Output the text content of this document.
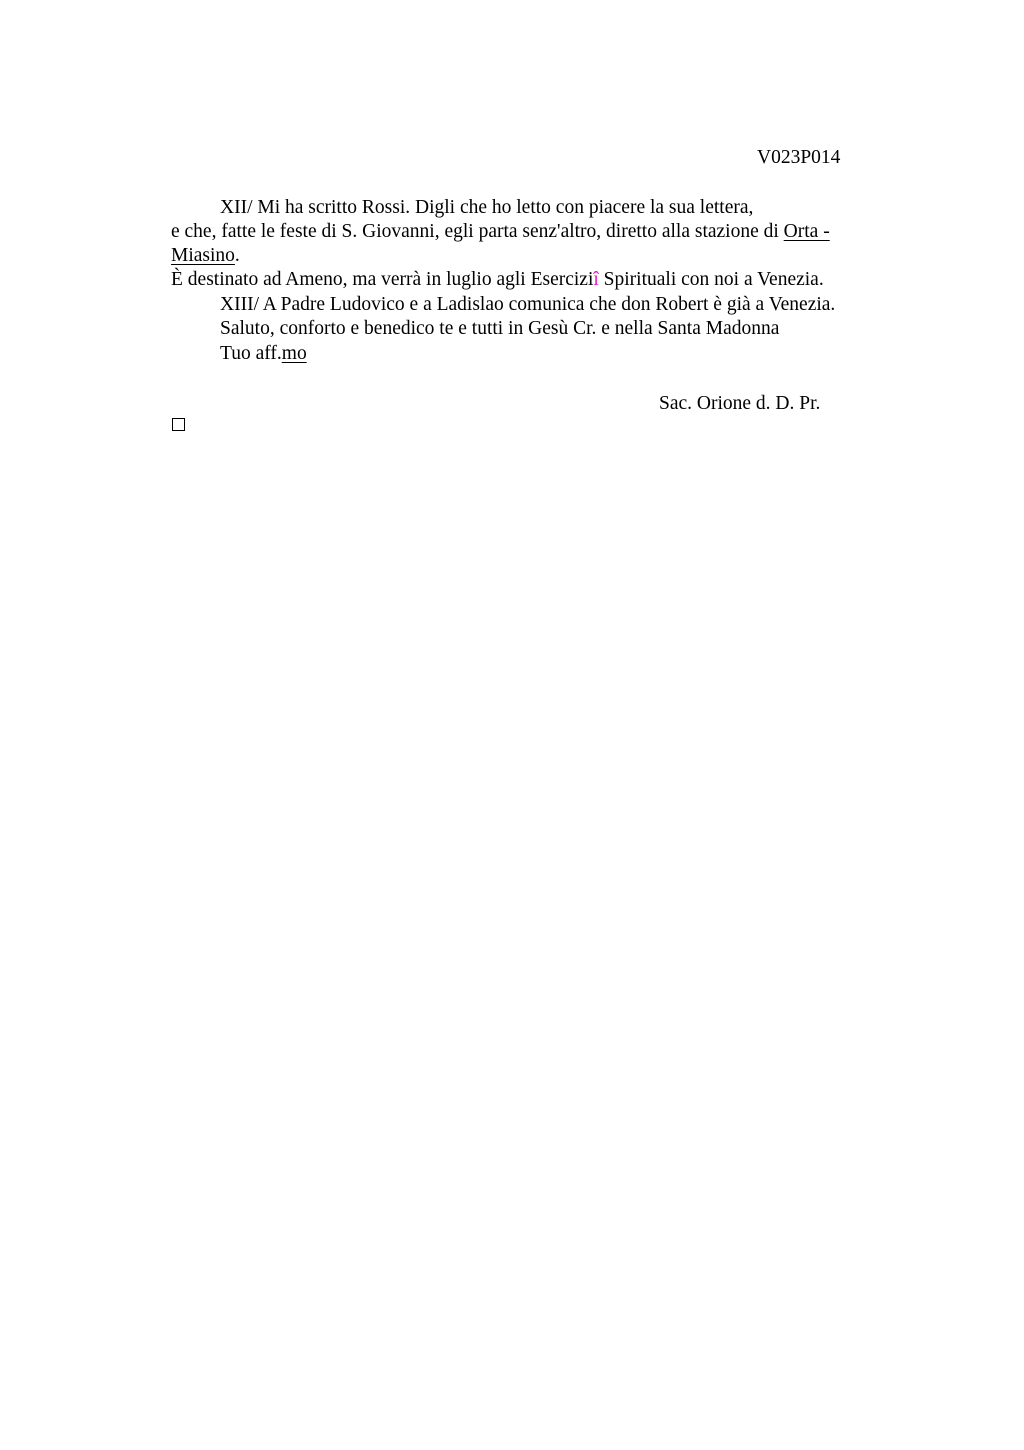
V023P014
XII/ Mi ha scritto Rossi. Digli che ho letto con piacere la sua lettera,
e che, fatte le feste di S. Giovanni, egli parta senz'altro, diretto alla stazione di Orta -
Miasino.
È destinato ad Ameno, ma verrà in luglio agli Eserciziî Spirituali con noi a Venezia.
XIII/ A Padre Ludovico e a Ladislao comunica che don Robert è già a Venezia.
Saluto, conforto e benedico te e tutti in Gesù Cr. e nella Santa Madonna
Tuo aff.mo
Sac. Orione d. D. Pr.
